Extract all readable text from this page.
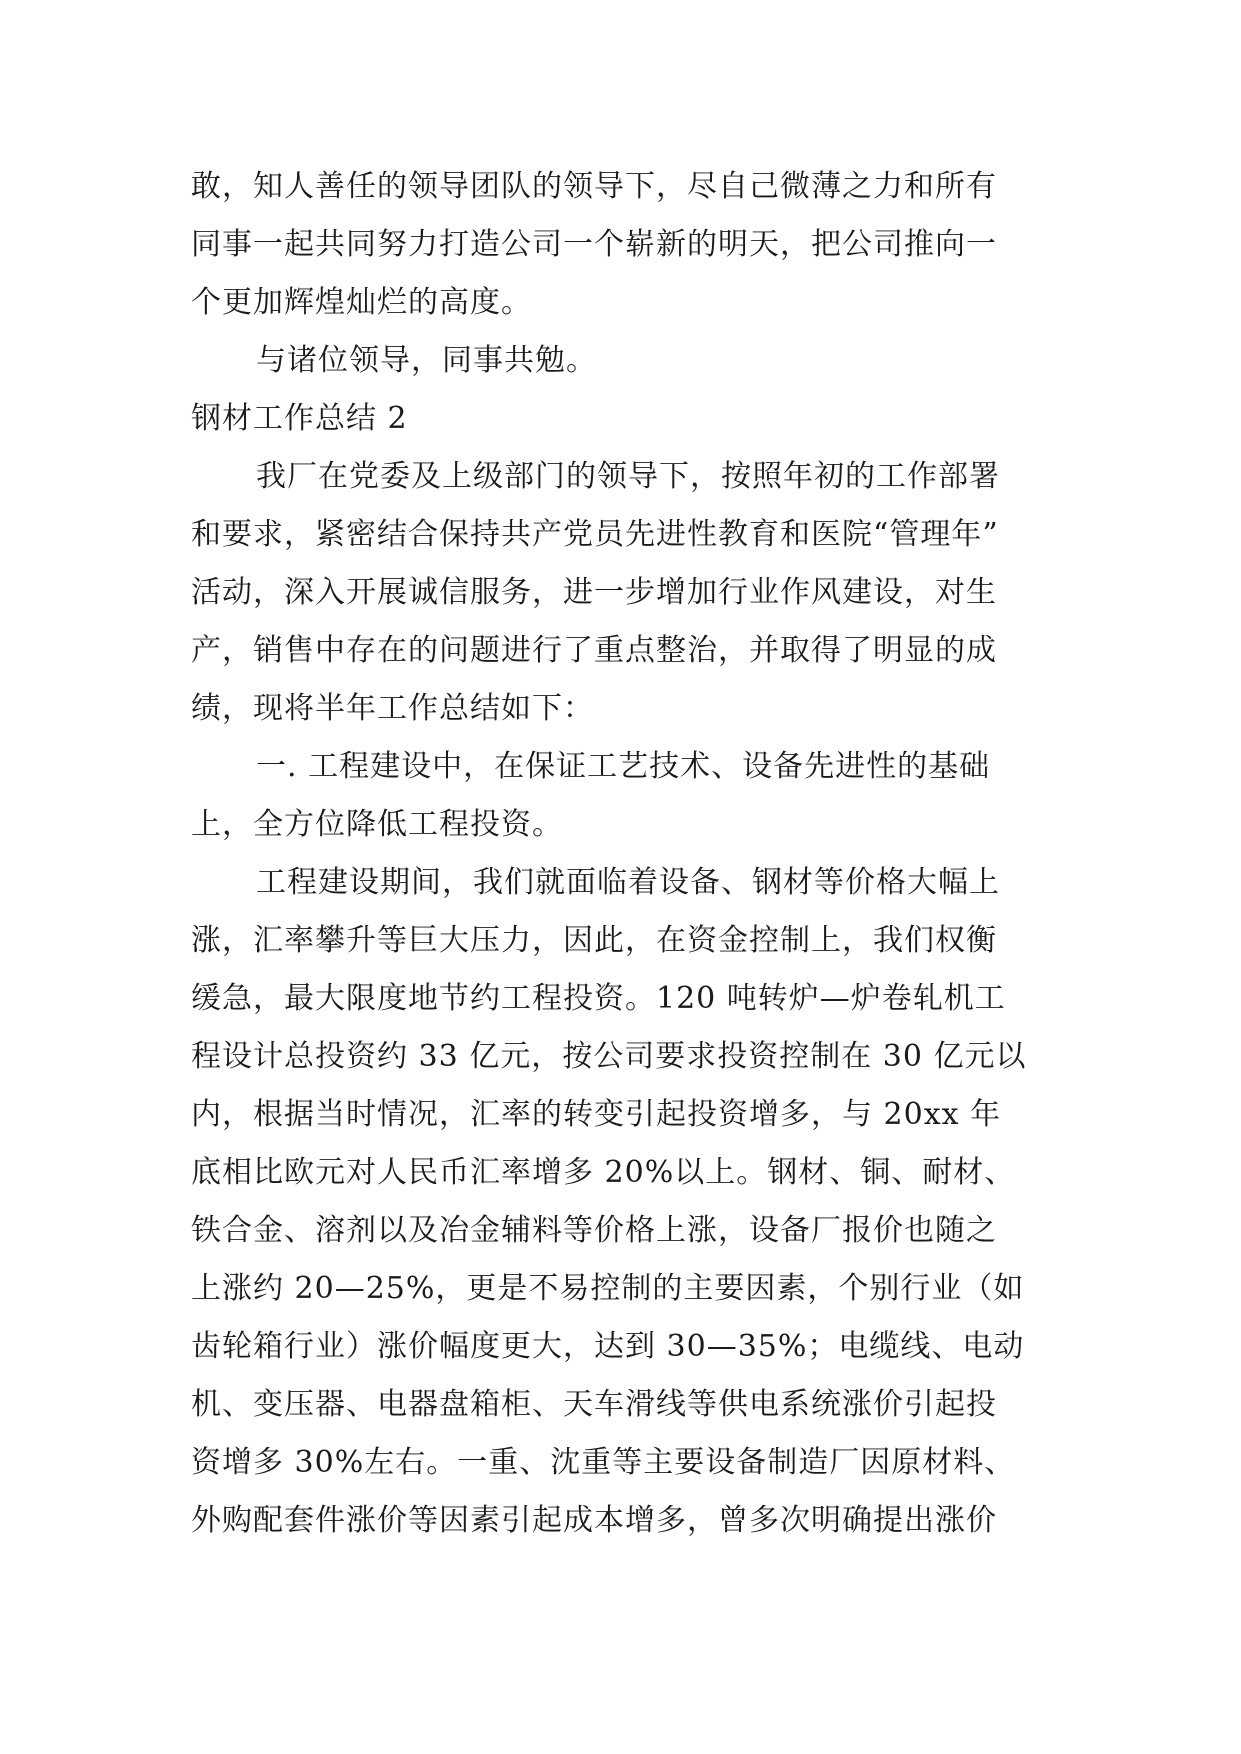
敢，知人善任的领导团队的领导下，尽自己微薄之力和所有
同事一起共同努力打造公司一个崭新的明天，把公司推向一
个更加辉煌灿烂的高度。
与诸位领导，同事共勉。
钢材工作总结 2
我厂在党委及上级部门的领导下，按照年初的工作部署
和要求，紧密结合保持共产党员先进性教育和医院“管理年”
活动，深入开展诚信服务，进一步增加行业作风建设，对生
产，销售中存在的问题进行了重点整治，并取得了明显的成
绩，现将半年工作总结如下：
一. 工程建设中，在保证工艺技术、设备先进性的基础
上，全方位降低工程投资。
工程建设期间，我们就面临着设备、钢材等价格大幅上
涨，汇率攀升等巨大压力，因此，在资金控制上，我们权衡
缓急，最大限度地节约工程投资。120 吨转炉—炉卷轧机工
程设计总投资约 33 亿元，按公司要求投资控制在 30 亿元以
内，根据当时情况，汇率的转变引起投资增多，与 20xx 年
底相比欧元对人民币汇率增多 20%以上。钢材、铜、耐材、
铁合金、溶剂以及冶金辅料等价格上涨，设备厂报价也随之
上涨约 20—25%，更是不易控制的主要因素，个别行业（如
齿轮箱行业）涨价幅度更大，达到 30—35%；电缆线、电动
机、变压器、电器盘箱柜、天车滑线等供电系统涨价引起投
资增多 30%左右。一重、沈重等主要设备制造厂因原材料、
外购配套件涨价等因素引起成本增多，曾多次明确提出涨价
